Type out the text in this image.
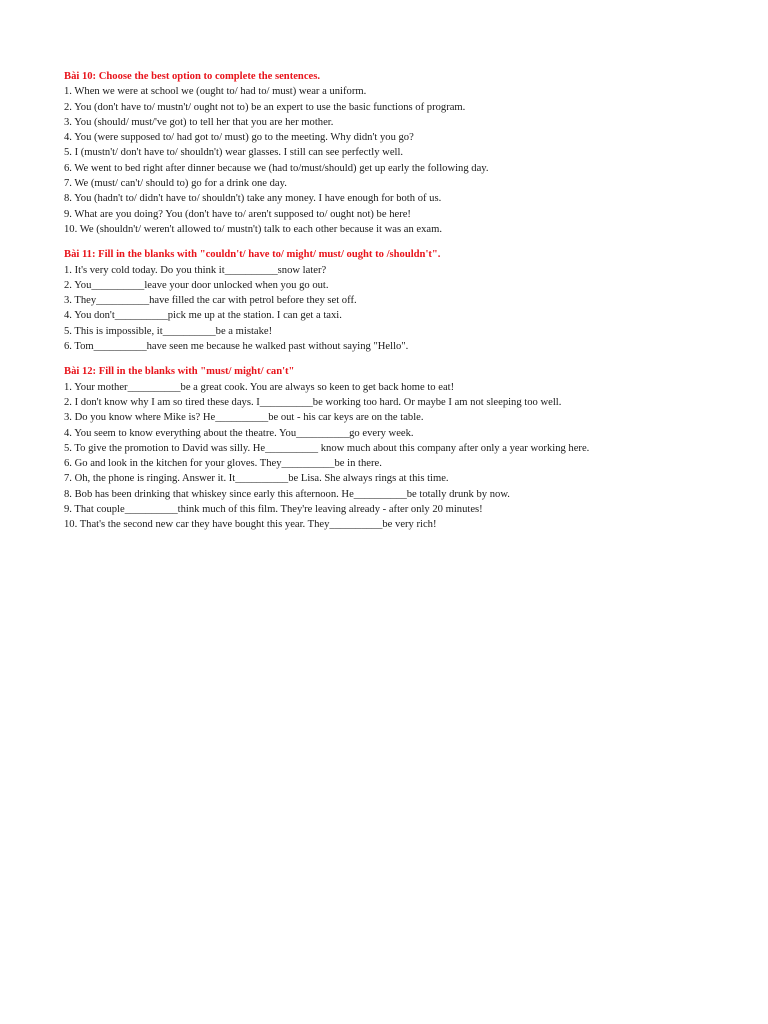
Bài 10: Choose the best option to complete the sentences.
1. When we were at school we (ought to/ had to/ must) wear a uniform.
2. You (don't have to/ mustn't/ ought not to) be an expert to use the basic functions of program.
3. You (should/ must/'ve got) to tell her that you are her mother.
4. You (were supposed to/ had got to/ must) go to the meeting. Why didn't you go?
5. I (mustn't/ don't have to/ shouldn't) wear glasses. I still can see perfectly well.
6. We went to bed right after dinner because we (had to/must/should) get up early the following day.
7. We (must/ can't/ should to) go for a drink one day.
8. You (hadn't to/ didn't have to/ shouldn't) take any money. I have enough for both of us.
9. What are you doing? You (don't have to/ aren't supposed to/ ought not) be here!
10. We (shouldn't/ weren't allowed to/ mustn't) talk to each other because it was an exam.
Bài 11: Fill in the blanks with "couldn't/ have to/ might/ must/ ought to /shouldn't".
1. It's very cold today. Do you think it__________snow later?
2. You__________leave your door unlocked when you go out.
3. They__________have filled the car with petrol before they set off.
4. You don't__________pick me up at the station. I can get a taxi.
5. This is impossible, it__________be a mistake!
6. Tom__________have seen me because he walked past without saying "Hello".
Bài 12: Fill in the blanks with "must/ might/ can't"
1. Your mother__________be a great cook. You are always so keen to get back home to eat!
2. I don't know why I am so tired these days. I__________be working too hard. Or maybe I am not sleeping too well.
3. Do you know where Mike is? He__________be out - his car keys are on the table.
4. You seem to know everything about the theatre. You__________go every week.
5. To give the promotion to David was silly. He__________ know much about this company after only a year working here.
6. Go and look in the kitchen for your gloves. They__________be in there.
7. Oh, the phone is ringing. Answer it. It__________be Lisa. She always rings at this time.
8. Bob has been drinking that whiskey since early this afternoon. He__________be totally drunk by now.
9. That couple__________think much of this film. They're leaving already - after only 20 minutes!
10. That's the second new car they have bought this year. They__________be very rich!
